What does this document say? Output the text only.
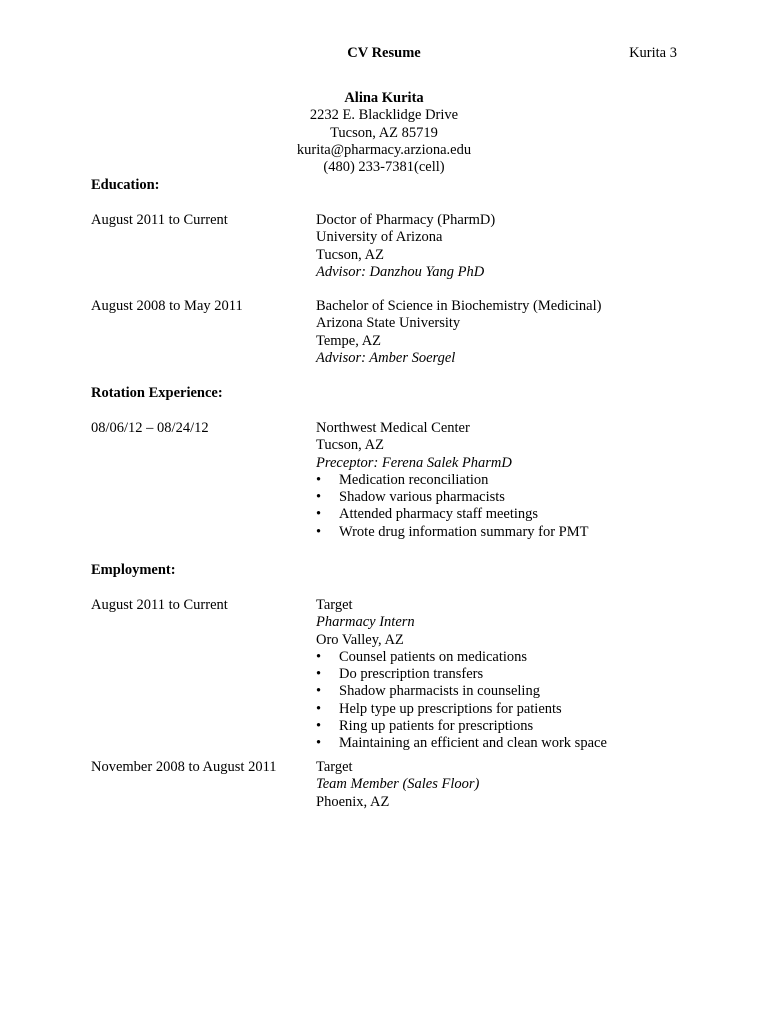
CV Resume	Kurita 3
Alina Kurita
2232 E. Blacklidge Drive
Tucson, AZ 85719
kurita@pharmacy.arziona.edu
(480) 233-7381(cell)
Education:
August 2011 to Current	Doctor of Pharmacy (PharmD)
University of Arizona
Tucson, AZ
Advisor: Danzhou Yang PhD
August 2008 to May 2011	Bachelor of Science in Biochemistry (Medicinal)
Arizona State University
Tempe, AZ
Advisor: Amber Soergel
Rotation Experience:
08/06/12 – 08/24/12	Northwest Medical Center
Tucson, AZ
Preceptor: Ferena Salek PharmD
• Medication reconciliation
• Shadow various pharmacists
• Attended pharmacy staff meetings
• Wrote drug information summary for PMT
Employment:
August 2011 to Current	Target
Pharmacy Intern
Oro Valley, AZ
• Counsel patients on medications
• Do prescription transfers
• Shadow pharmacists in counseling
• Help type up prescriptions for patients
• Ring up patients for prescriptions
• Maintaining an efficient and clean work space
November 2008 to August 2011	Target
Team Member (Sales Floor)
Phoenix, AZ
